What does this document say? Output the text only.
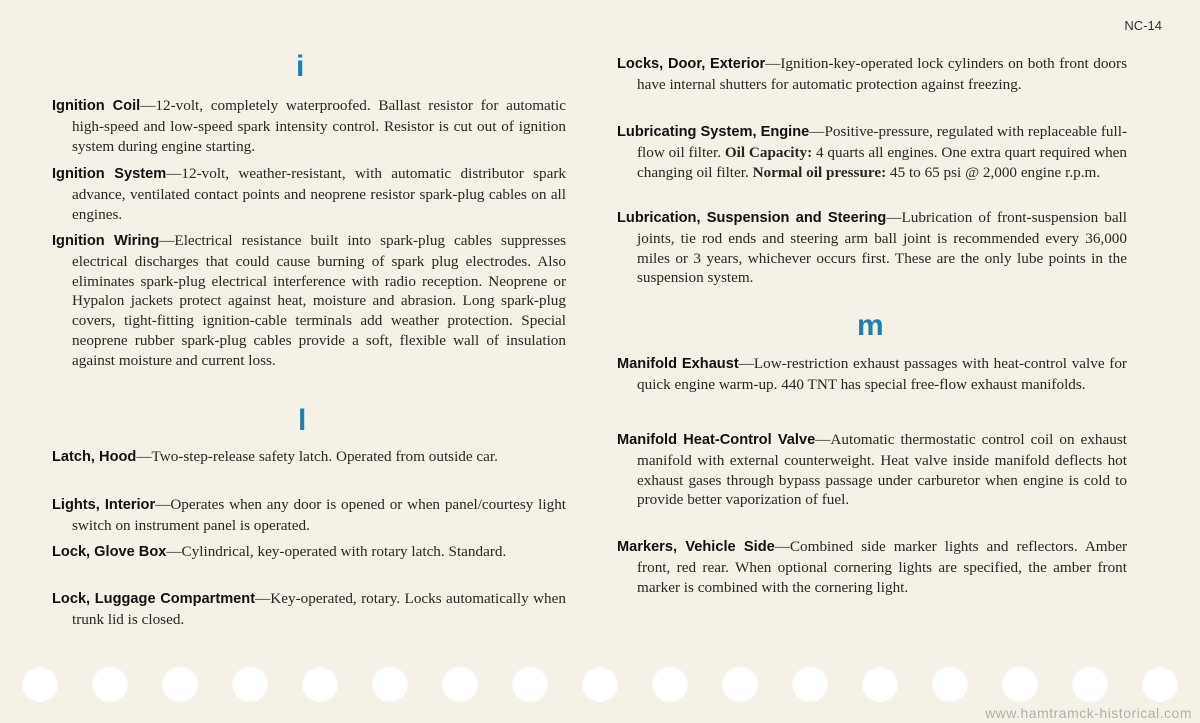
NC-14
i
Ignition Coil—12-volt, completely waterproofed. Ballast resistor for automatic high-speed and low-speed spark intensity control. Resistor is cut out of ignition system during engine starting.
Ignition System—12-volt, weather-resistant, with automatic distributor spark advance, ventilated contact points and neoprene resistor spark-plug cables on all engines.
Ignition Wiring—Electrical resistance built into spark-plug cables suppresses electrical discharges that could cause burning of spark plug electrodes. Also eliminates spark-plug electrical interference with radio reception. Neoprene or Hypalon jackets protect against heat, moisture and abrasion. Long spark-plug covers, tight-fitting ignition-cable terminals add weather protection. Special neoprene rubber spark-plug cables provide a soft, flexible wall of insulation against moisture and current loss.
l
Latch, Hood—Two-step-release safety latch. Operated from outside car.
Lights, Interior—Operates when any door is opened or when panel/courtesy light switch on instrument panel is operated.
Lock, Glove Box—Cylindrical, key-operated with rotary latch. Standard.
Lock, Luggage Compartment—Key-operated, rotary. Locks automatically when trunk lid is closed.
Locks, Door, Exterior—Ignition-key-operated lock cylinders on both front doors have internal shutters for automatic protection against freezing.
Lubricating System, Engine—Positive-pressure, regulated with replaceable full-flow oil filter. Oil Capacity: 4 quarts all engines. One extra quart required when changing oil filter. Normal oil pressure: 45 to 65 psi @ 2,000 engine r.p.m.
Lubrication, Suspension and Steering—Lubrication of front-suspension ball joints, tie rod ends and steering arm ball joint is recommended every 36,000 miles or 3 years, whichever occurs first. These are the only lube points in the suspension system.
m
Manifold Exhaust—Low-restriction exhaust passages with heat-control valve for quick engine warm-up. 440 TNT has special free-flow exhaust manifolds.
Manifold Heat-Control Valve—Automatic thermostatic control coil on exhaust manifold with external counterweight. Heat valve inside manifold deflects hot exhaust gases through bypass passage under carburetor when engine is cold to provide better vaporization of fuel.
Markers, Vehicle Side—Combined side marker lights and reflectors. Amber front, red rear. When optional cornering lights are specified, the amber front marker is combined with the cornering light.
www.hamtramck-historical.com
